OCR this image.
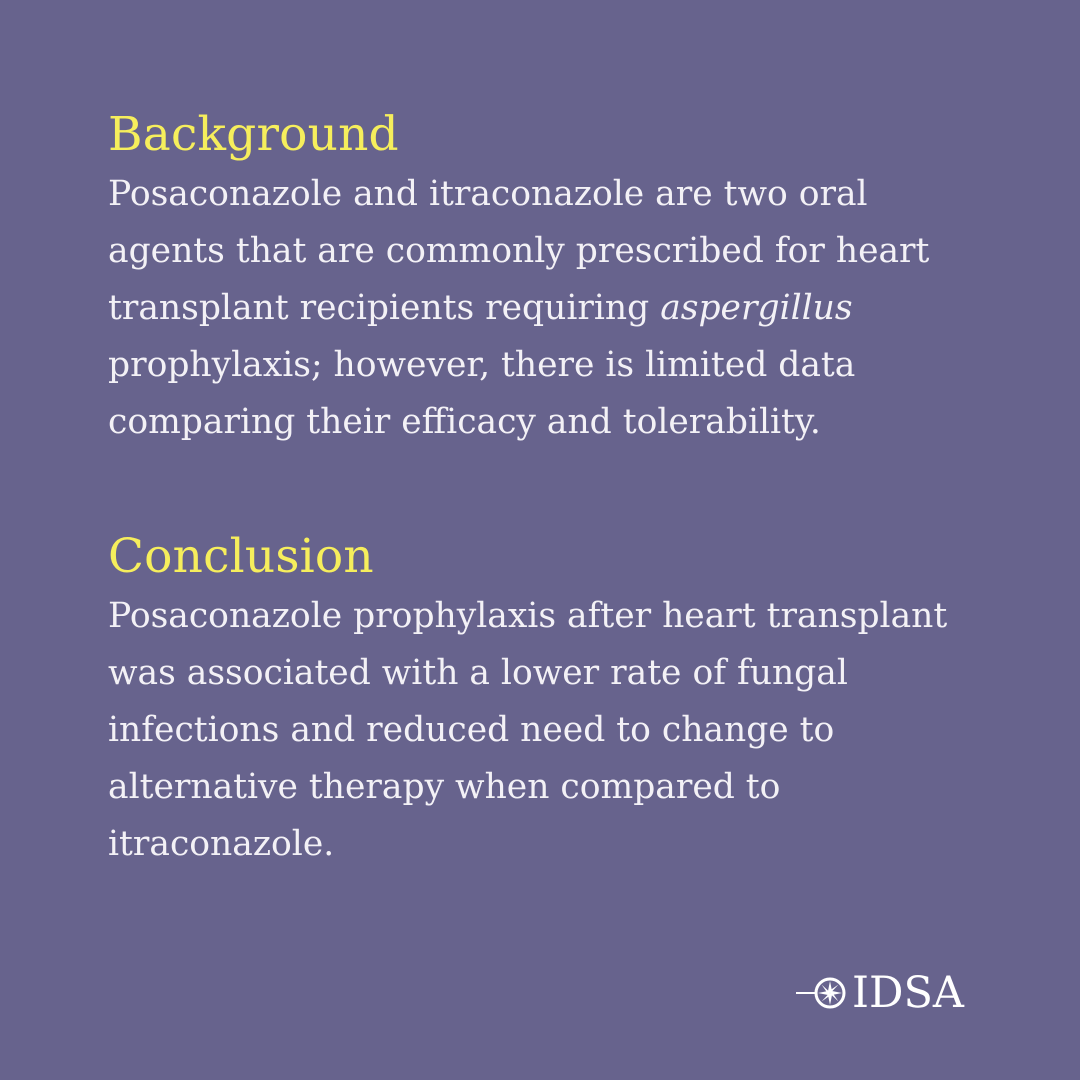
Background

Posaconazole and itraconazole are two oral agents that are commonly prescribed for heart transplant recipients requiring aspergillus prophylaxis; however, there is limited data comparing their efficacy and tolerability.

Conclusion

Posaconazole prophylaxis after heart transplant was associated with a lower rate of fungal infections and reduced need to change to alternative therapy when compared to itraconazole.

IDSA
